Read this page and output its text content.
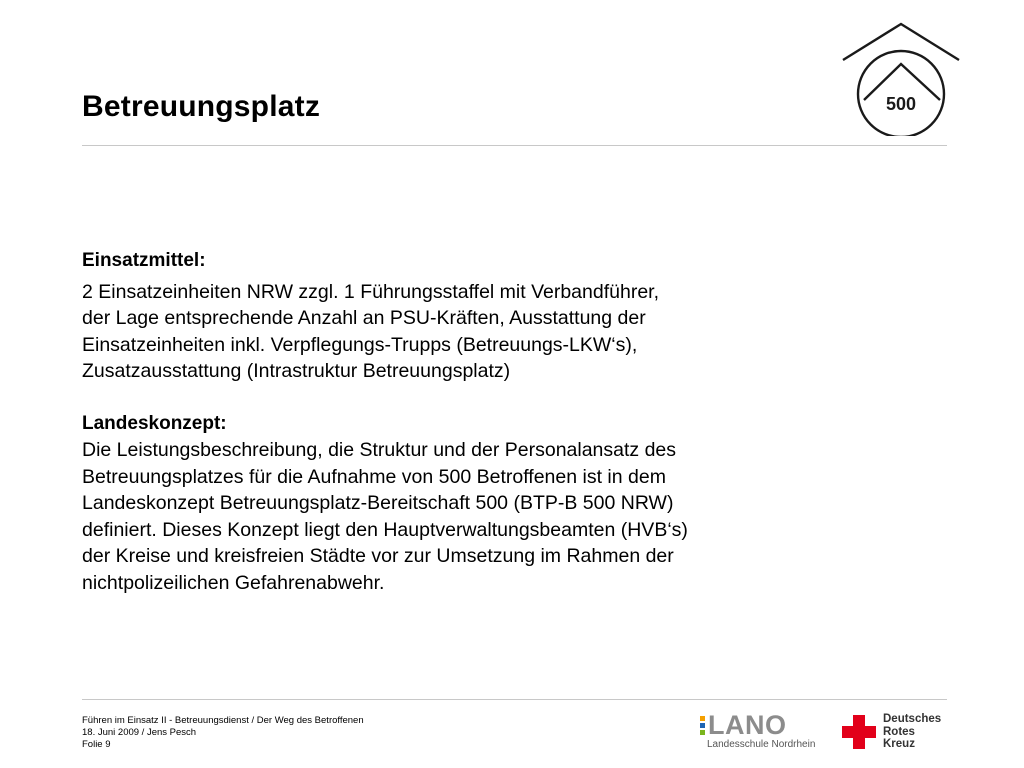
Betreuungsplatz	500
Einsatzmittel:
2 Einsatzeinheiten NRW zzgl. 1 Führungsstaffel mit Verbandführer,
der Lage entsprechende Anzahl an PSU-Kräften, Ausstattung der
Einsatzeinheiten inkl. Verpflegungs-Trupps (Betreuungs-LKW‘s),
Zusatzausstattung (Intrastruktur Betreuungsplatz)
Landeskonzept:
Die Leistungsbeschreibung, die Struktur und der Personalansatz des
Betreuungsplatzes für die Aufnahme von 500 Betroffenen ist in dem
Landeskonzept Betreuungsplatz-Bereitschaft 500 (BTP-B 500 NRW)
definiert. Dieses Konzept liegt den Hauptverwaltungsbeamten (HVB‘s)
der Kreise und kreisfreien Städte vor zur Umsetzung im Rahmen der
nichtpolizeilichen Gefahrenabwehr.
Führen im Einsatz II - Betreuungsdienst / Der Weg des Betroffenen
18. Juni 2009 / Jens Pesch
Folie 9
LANO
Landesschule Nordrhein
Deutsches
Rotes
Kreuz
